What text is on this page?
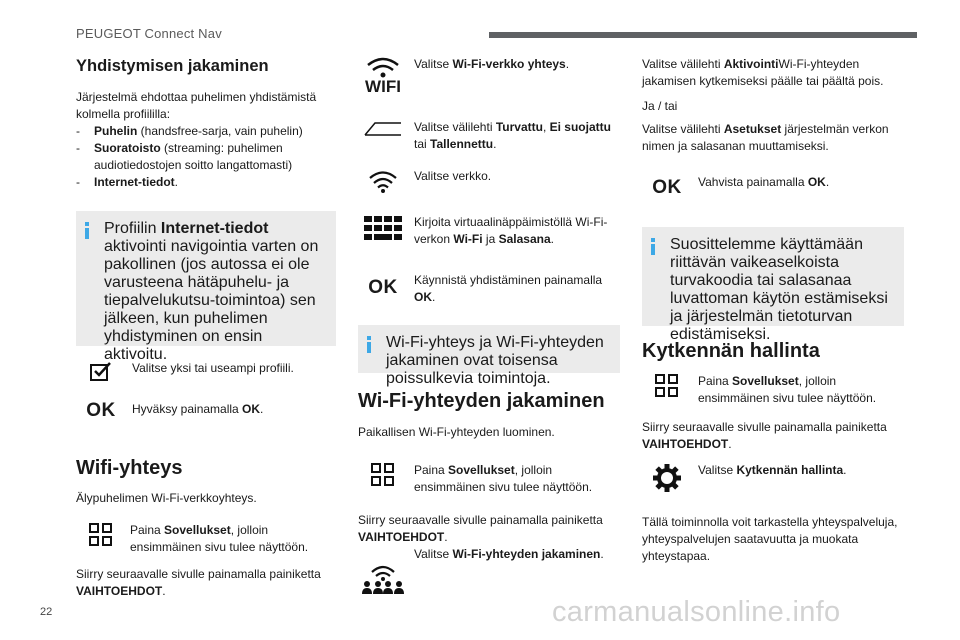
PEUGEOT Connect Nav
Yhdistymisen jakaminen

Järjestelmä ehdottaa puhelimen yhdistämistä kolmella profiililla:

- Puhelin (handsfree-sarja, vain puhelin)
- Suoratoisto (streaming: puhelimen audiotiedostojen soitto langattomasti)
- Internet-tiedot.
Profiilin Internet-tiedot aktivointi navigointia varten on pakollinen (jos autossa ei ole varusteena hätäpuhelu- ja tiepalvelukutsu-toimintoa) sen jälkeen, kun puhelimen yhdistyminen on ensin aktivoitu.
Valitse yksi tai useampi profiili.
OK	Hyväksy painamalla OK.
Wifi-yhteys
Älypuhelimen Wi-Fi-verkkoyhteys.
Paina Sovellukset, jolloin ensimmäinen sivu tulee näyttöön.
Siirry seuraavalle sivulle painamalla painiketta VAIHTOEHDOT.
WIFI
Valitse Wi-Fi-verkko yhteys.
Valitse välilehti Turvattu, Ei suojattu tai Tallennettu.
Valitse verkko.
Kirjoita virtuaalinäppäimistöllä Wi-Fi-verkon Wi-Fi ja Salasana.
OK	Käynnistä yhdistäminen painamalla OK.
Wi-Fi-yhteys ja Wi-Fi-yhteyden jakaminen ovat toisensa poissulkevia toimintoja.
Wi-Fi-yhteyden jakaminen
Paikallisen Wi-Fi-yhteyden luominen.
Paina Sovellukset, jolloin ensimmäinen sivu tulee näyttöön.
Siirry seuraavalle sivulle painamalla painiketta VAIHTOEHDOT.
Valitse Wi-Fi-yhteyden jakaminen.

Valitse välilehti AktivointiWi-Fi-yhteyden jakamisen kytkemiseksi päälle tai päältä pois.

Ja / tai

Valitse välilehti Asetukset järjestelmän verkon nimen ja salasanan muuttamiseksi.

OK	Vahvista painamalla OK.
Suosittelemme käyttämään riittävän vaikeaselkoista turvakoodia tai salasanaa luvattoman käytön estämiseksi ja järjestelmän tietoturvan edistämiseksi.
Kytkennän hallinta
Paina Sovellukset, jolloin ensimmäinen sivu tulee näyttöön.
Siirry seuraavalle sivulle painamalla painiketta VAIHTOEHDOT.
Valitse Kytkennän hallinta.
Tällä toiminnolla voit tarkastella yhteyspalveluja, yhteyspalvelujen saatavuutta ja muokata yhteystapaa.
22	carmanualsonline.info
